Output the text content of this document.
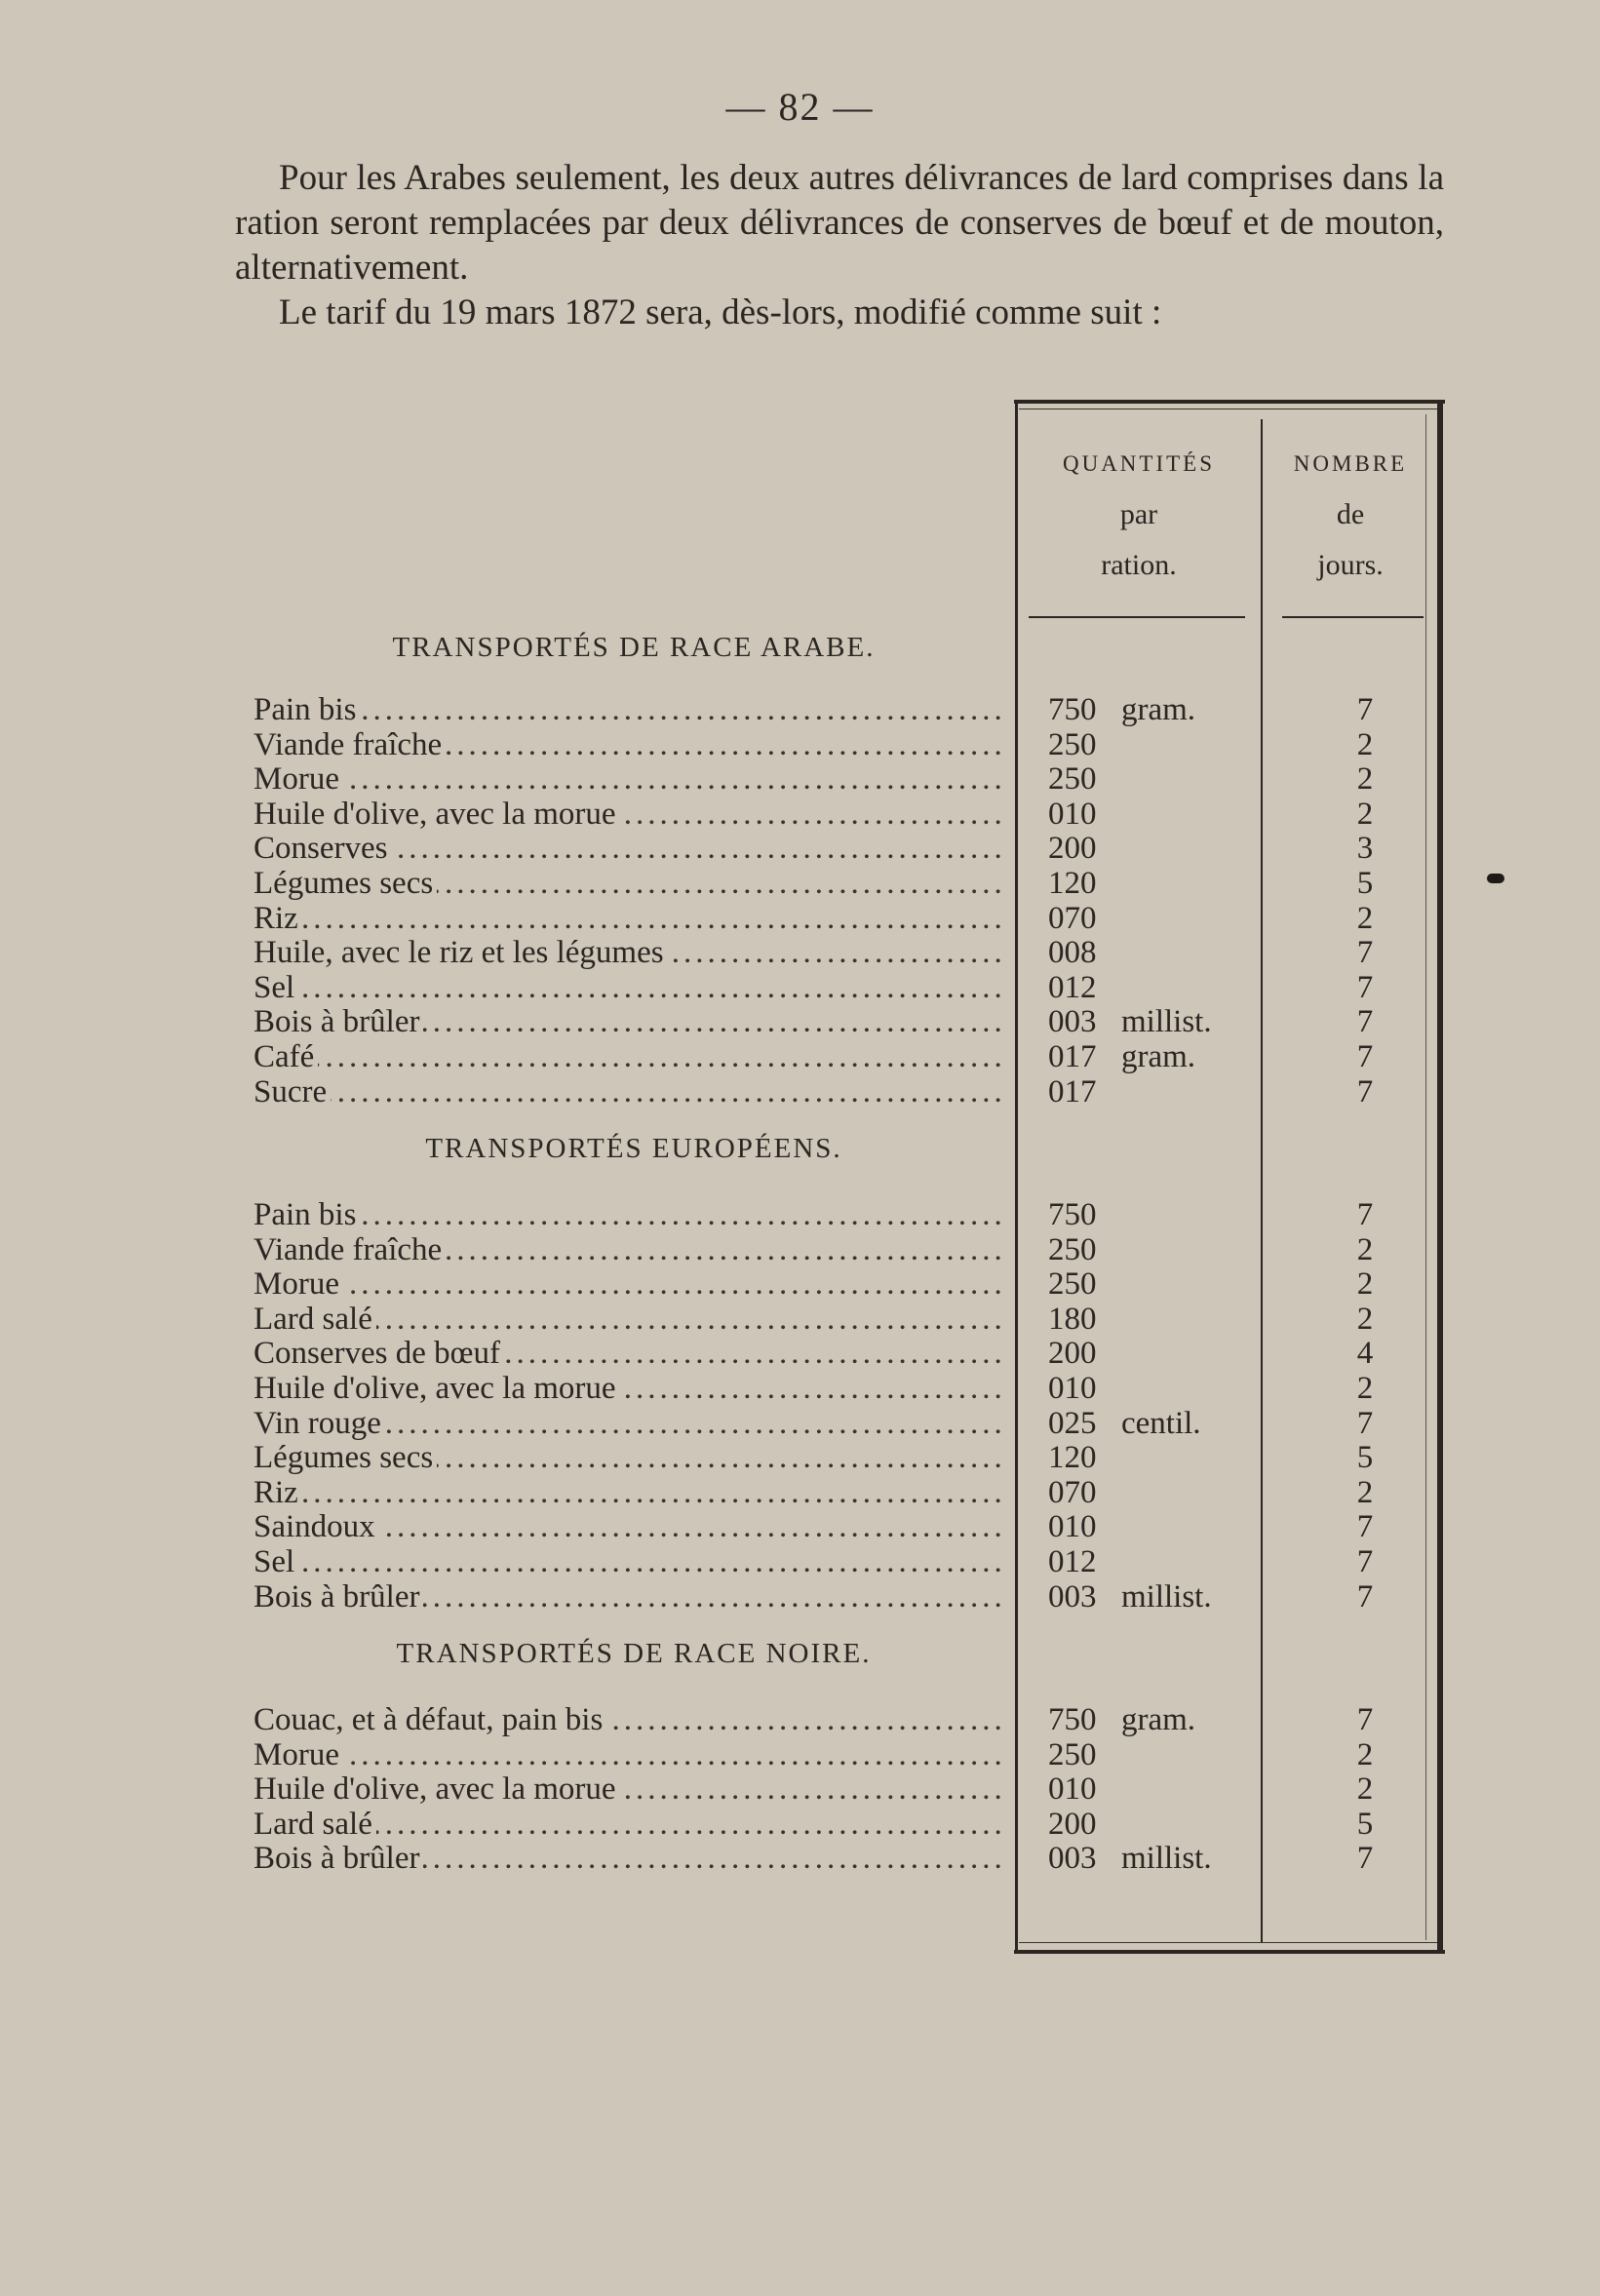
— 82 —

Pour les Arabes seulement, les deux autres délivrances de lard comprises dans la ration seront remplacées par deux délivrances de conserves de bœuf et de mouton, alternativement.

Le tarif du 19 mars 1872 sera, dès-lors, modifié comme suit :

QUANTITÉS
par
ration.
NOMBRE
de
jours.
TRANSPORTÉS DE RACE ARABE.
Pain bis .....	750 gram.	7
Viande fraîche .....	250	2
Morue .....	250	2
Huile d'olive, avec la morue .....	010	2
Conserves .....	200	3
Légumes secs .....	120	5
Riz .....	070	2
Huile, avec le riz et les légumes .....	008	7
Sel .....	012	7
Bois à brûler .....	003 millist.	7
Café .....	017 gram.	7
Sucre .....	017	7
TRANSPORTÉS EUROPÉENS.
Pain bis .....	750	7
Viande fraîche .....	250	2
Morue .....	250	2
Lard salé .....	180	2
Conserves de bœuf .....	200	4
Huile d'olive, avec la morue .....	010	2
Vin rouge .....	025 centil.	7
Légumes secs .....	120	5
Riz .....	070	2
Saindoux .....	010	7
Sel .....	012	7
Bois à brûler .....	003 millist.	7
TRANSPORTÉS DE RACE NOIRE.
Couac, et à défaut, pain bis .....	750 gram.	7
Morue .....	250	2
Huile d'olive, avec la morue .....	010	2
Lard salé .....	200	5
Bois à brûler .....	003 millist.	7
